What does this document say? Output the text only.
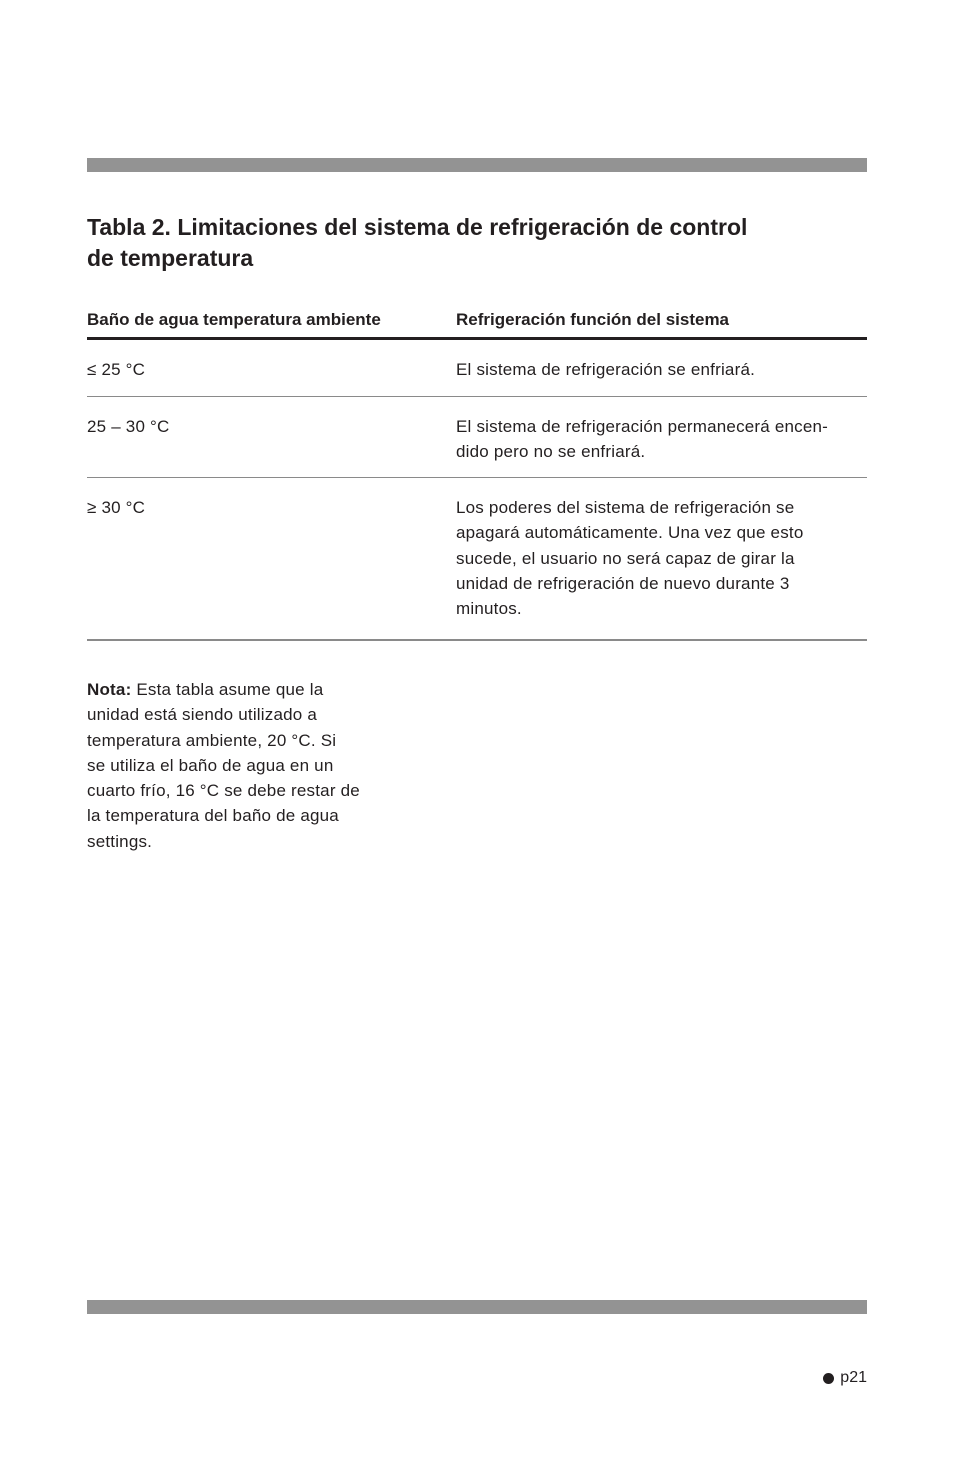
Tabla 2. Limitaciones del sistema de refrigeración de control
de temperatura
Baño de agua temperatura ambiente	Refrigeración función del sistema
≤ 25 °C	El sistema de refrigeración se enfriará.
25 – 30 °C	El sistema de refrigeración permanecerá encen-
dido pero no se enfriará.
≥ 30 °C	Los poderes del sistema de refrigeración se
apagará automáticamente. Una vez que esto
sucede, el usuario no será capaz de girar la
unidad de refrigeración de nuevo durante 3
minutos.
Nota: Esta tabla asume que la
unidad está siendo utilizado a
temperatura ambiente, 20 °C. Si
se utiliza el baño de agua en un
cuarto frío, 16 °C se debe restar de
la temperatura del baño de agua
settings.
p21
